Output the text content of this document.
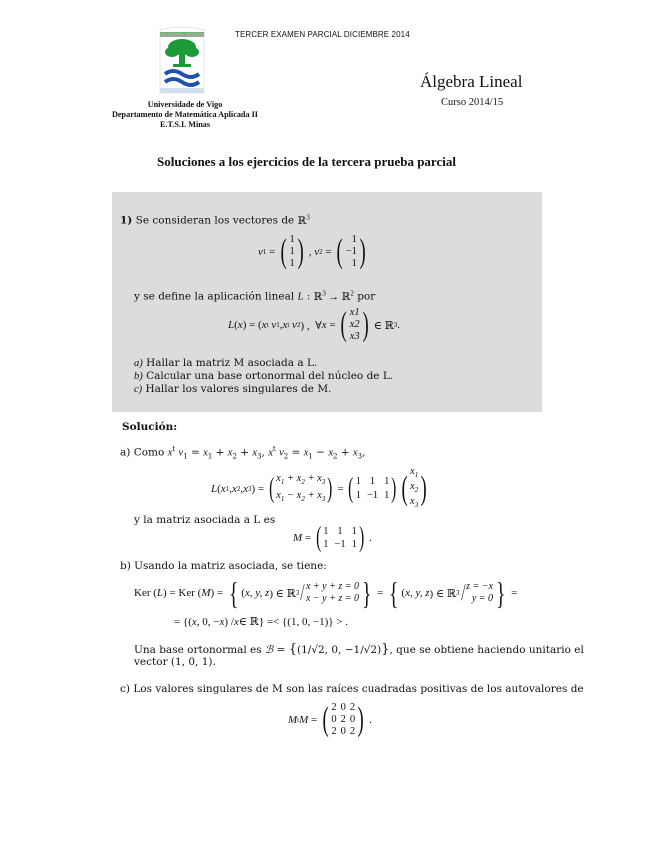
TERCER EXAMEN PARCIAL DICIEMBRE 2014
Universidade de Vigo
Departamento de Matemática Aplicada II
E.T.S.I. Minas
Álgebra Lineal
Curso 2014/15
Soluciones a los ejercicios de la tercera prueba parcial
1) Se consideran los vectores de ℝ$^3$
v 1 = ( 1
1
1 ) , v 2 = ( 1
−1
1 )
y se define la aplicación lineal L : ℝ$^3$ → ℝ$^2$ por
L ( x ) = ( x t
v 1 , x t
v 2 ) ,  ∀ x = ( x1
x2
x3 ) ∈ ℝ 3 .
a) Hallar la matriz M asociada a L.
b) Calcular una base ortonormal del núcleo de L.
c) Hallar los valores singulares de M.
Solución:
a) Como $x^t$ $v_1 = x_1 + x_2 + x_3$, $x^t$ $v_2 = x_1 - x_2 + x_3$,
L ( x 1 , x 2 , x 3 ) = ( $x_1 + x_2 + x_3$
$x_1 - x_2 + x_3$ ) = ( 1 1 1
1 −1 1 ) ( $x_1$
$x_2$
$x_3$ )
y la matriz asociada a L es
M = ( 1 1 1
1 −1 1 ) .
b) Usando la matriz asociada, se tiene:
Ker ( L ) = Ker ( M ) = { ( x, y, z ) ∈ ℝ 3 / x + y + z = 0
x − y + z = 0 } = { ( x, y, z ) ∈ ℝ 3 / z = −x
y = 0 } =
= {( x , 0, − x ) / x ∈ ℝ} =< {(1, 0, −1)} > .
Una base ortonormal es ℬ = {(1/√2, 0, −1/√2)}, que se obtiene haciendo unitario el
vector (1, 0, 1).
c) Los valores singulares de M son las raíces cuadradas positivas de los autovalores de
M t M = ( 2 0 2
0 2 0
2 0 2 ) .
